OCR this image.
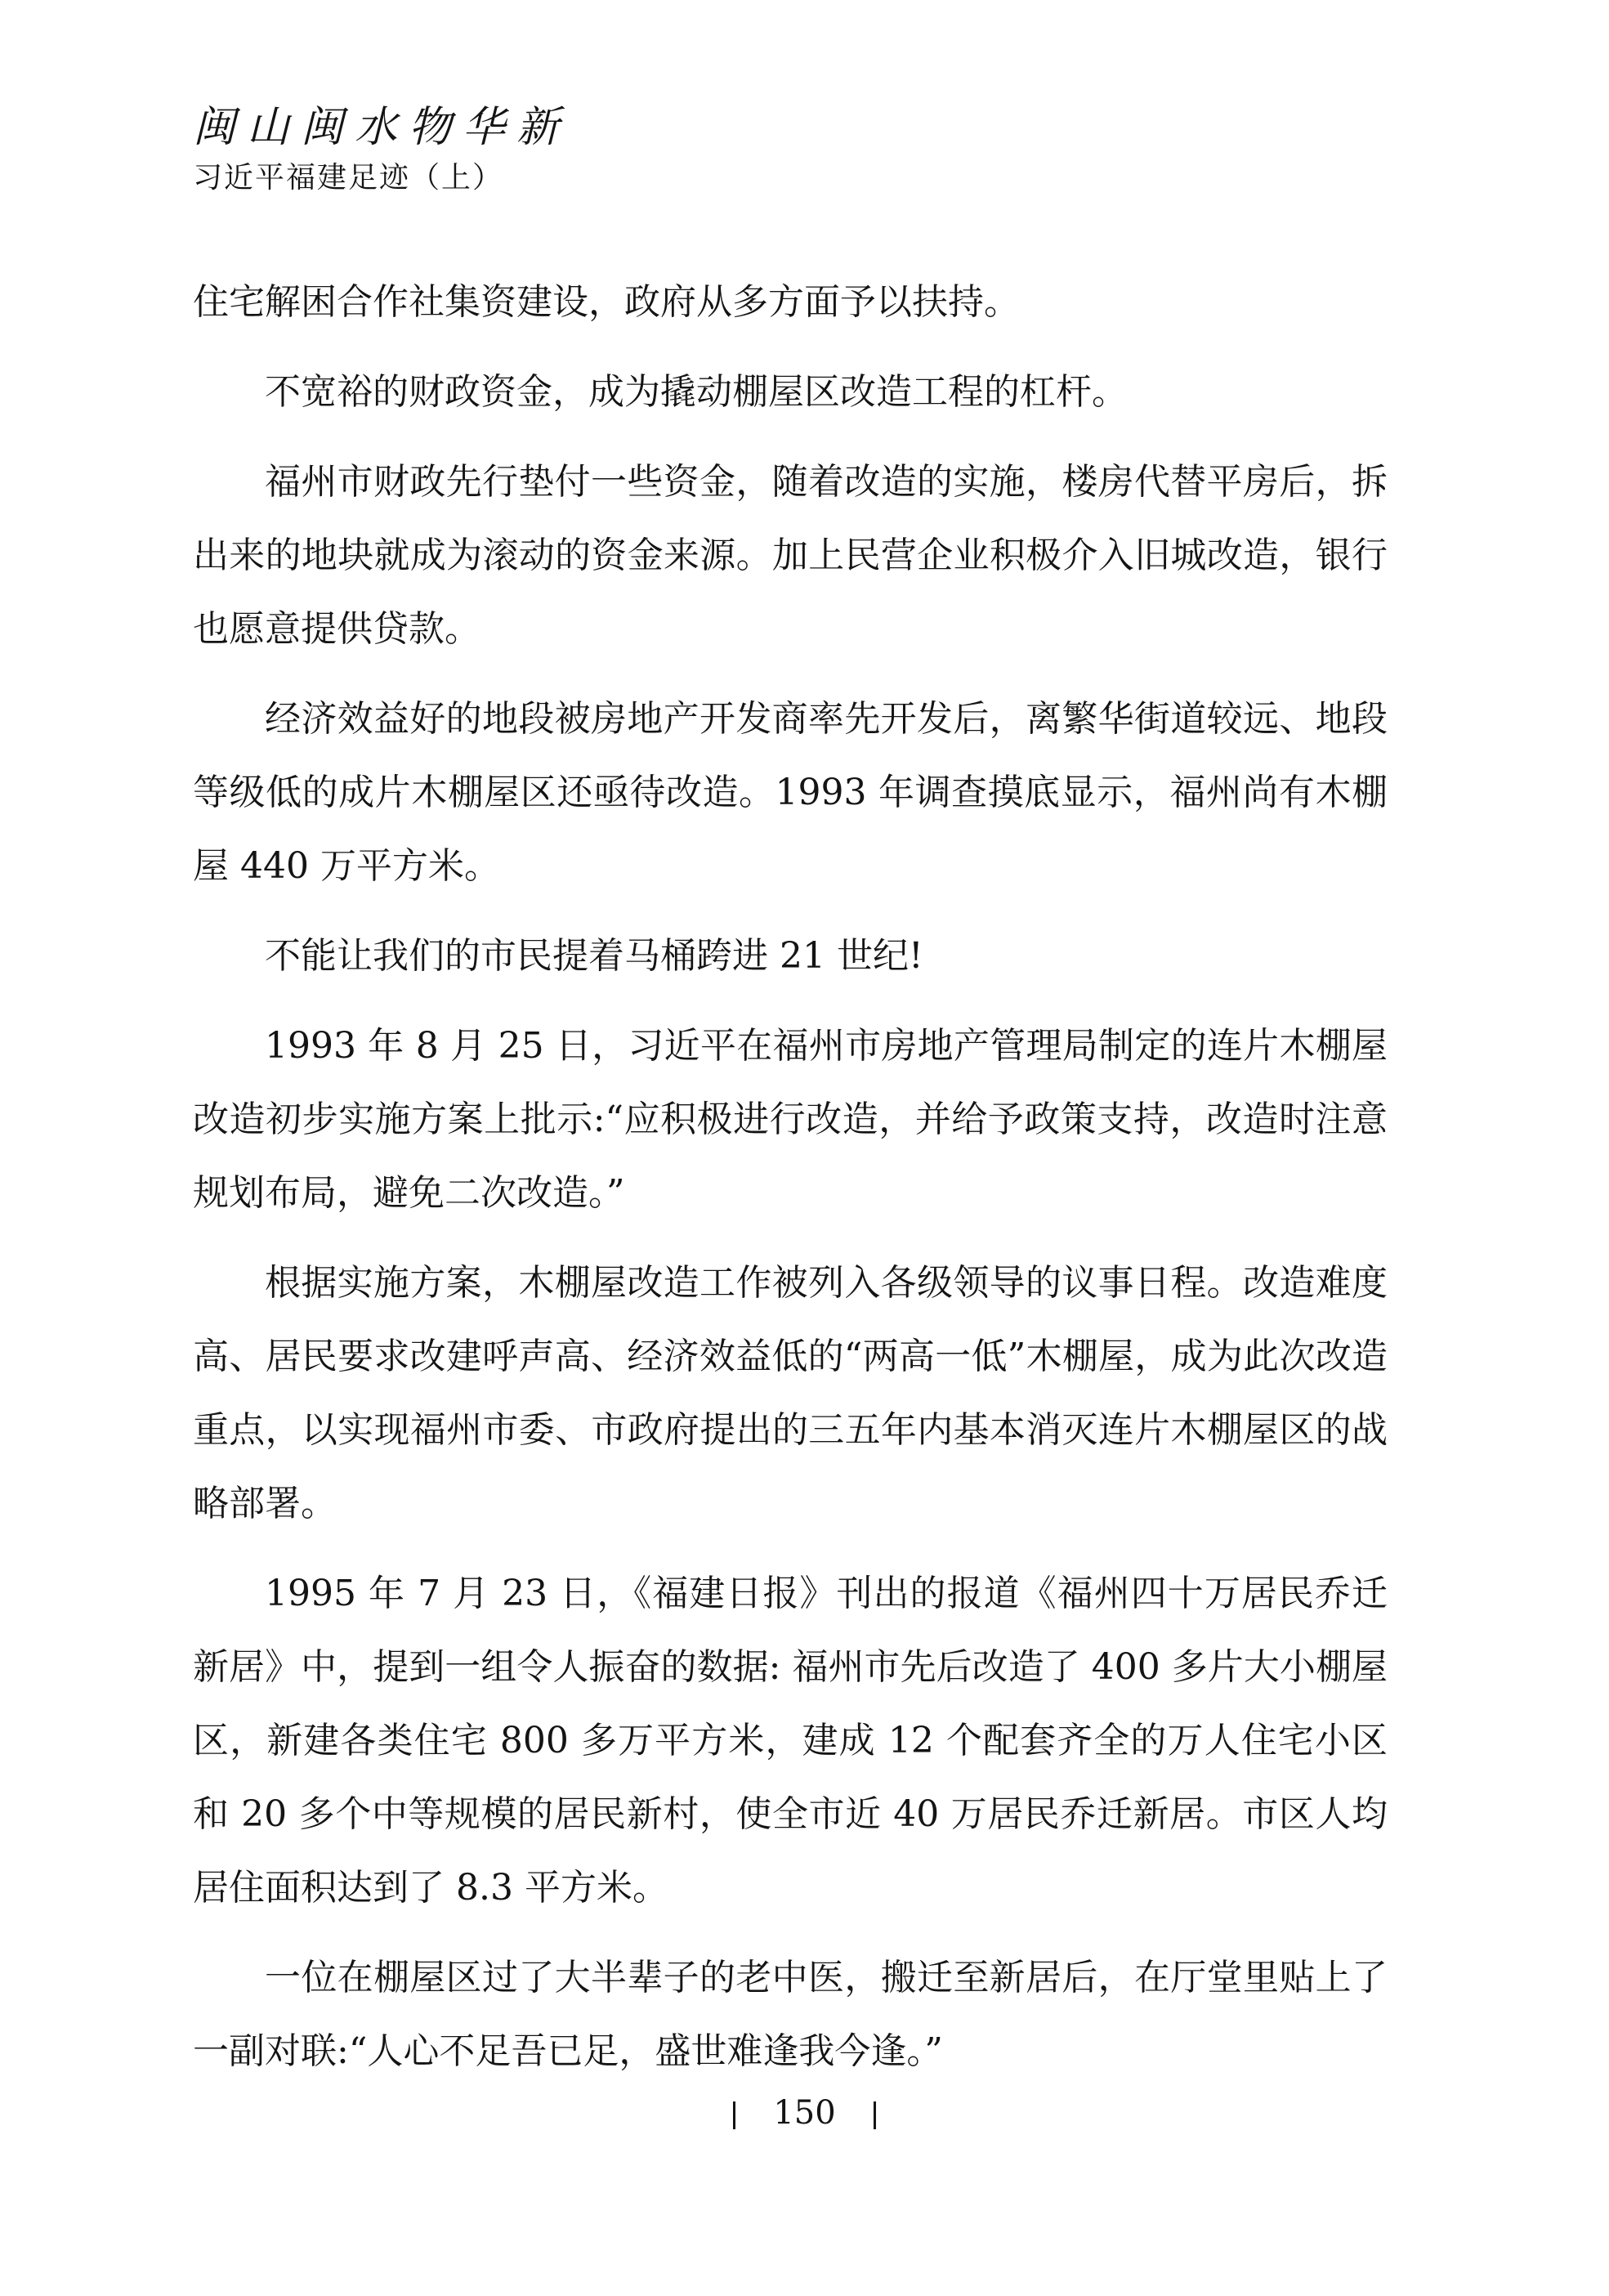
闽山闽水物华新
习近平福建足迹（上）

住宅解困合作社集资建设，政府从多方面予以扶持。

不宽裕的财政资金，成为撬动棚屋区改造工程的杠杆。

福州市财政先行垫付一些资金，随着改造的实施，楼房代替平房后，拆出来的地块就成为滚动的资金来源。加上民营企业积极介入旧城改造，银行也愿意提供贷款。

经济效益好的地段被房地产开发商率先开发后，离繁华街道较远、地段等级低的成片木棚屋区还亟待改造。1993 年调查摸底显示，福州尚有木棚屋 440 万平方米。

不能让我们的市民提着马桶跨进 21 世纪!

1993 年 8 月 25 日，习近平在福州市房地产管理局制定的连片木棚屋改造初步实施方案上批示:“应积极进行改造，并给予政策支持，改造时注意规划布局，避免二次改造。”

根据实施方案，木棚屋改造工作被列入各级领导的议事日程。改造难度高、居民要求改建呼声高、经济效益低的“两高一低”木棚屋，成为此次改造重点，以实现福州市委、市政府提出的三五年内基本消灭连片木棚屋区的战略部署。

1995 年 7 月 23 日，《福建日报》刊出的报道《福州四十万居民乔迁新居》中，提到一组令人振奋的数据: 福州市先后改造了 400 多片大小棚屋区，新建各类住宅 800 多万平方米，建成 12 个配套齐全的万人住宅小区和 20 多个中等规模的居民新村，使全市近 40 万居民乔迁新居。市区人均居住面积达到了 8.3 平方米。

一位在棚屋区过了大半辈子的老中医，搬迁至新居后，在厅堂里贴上了一副对联:“人心不足吾已足，盛世难逢我今逢。”

150
